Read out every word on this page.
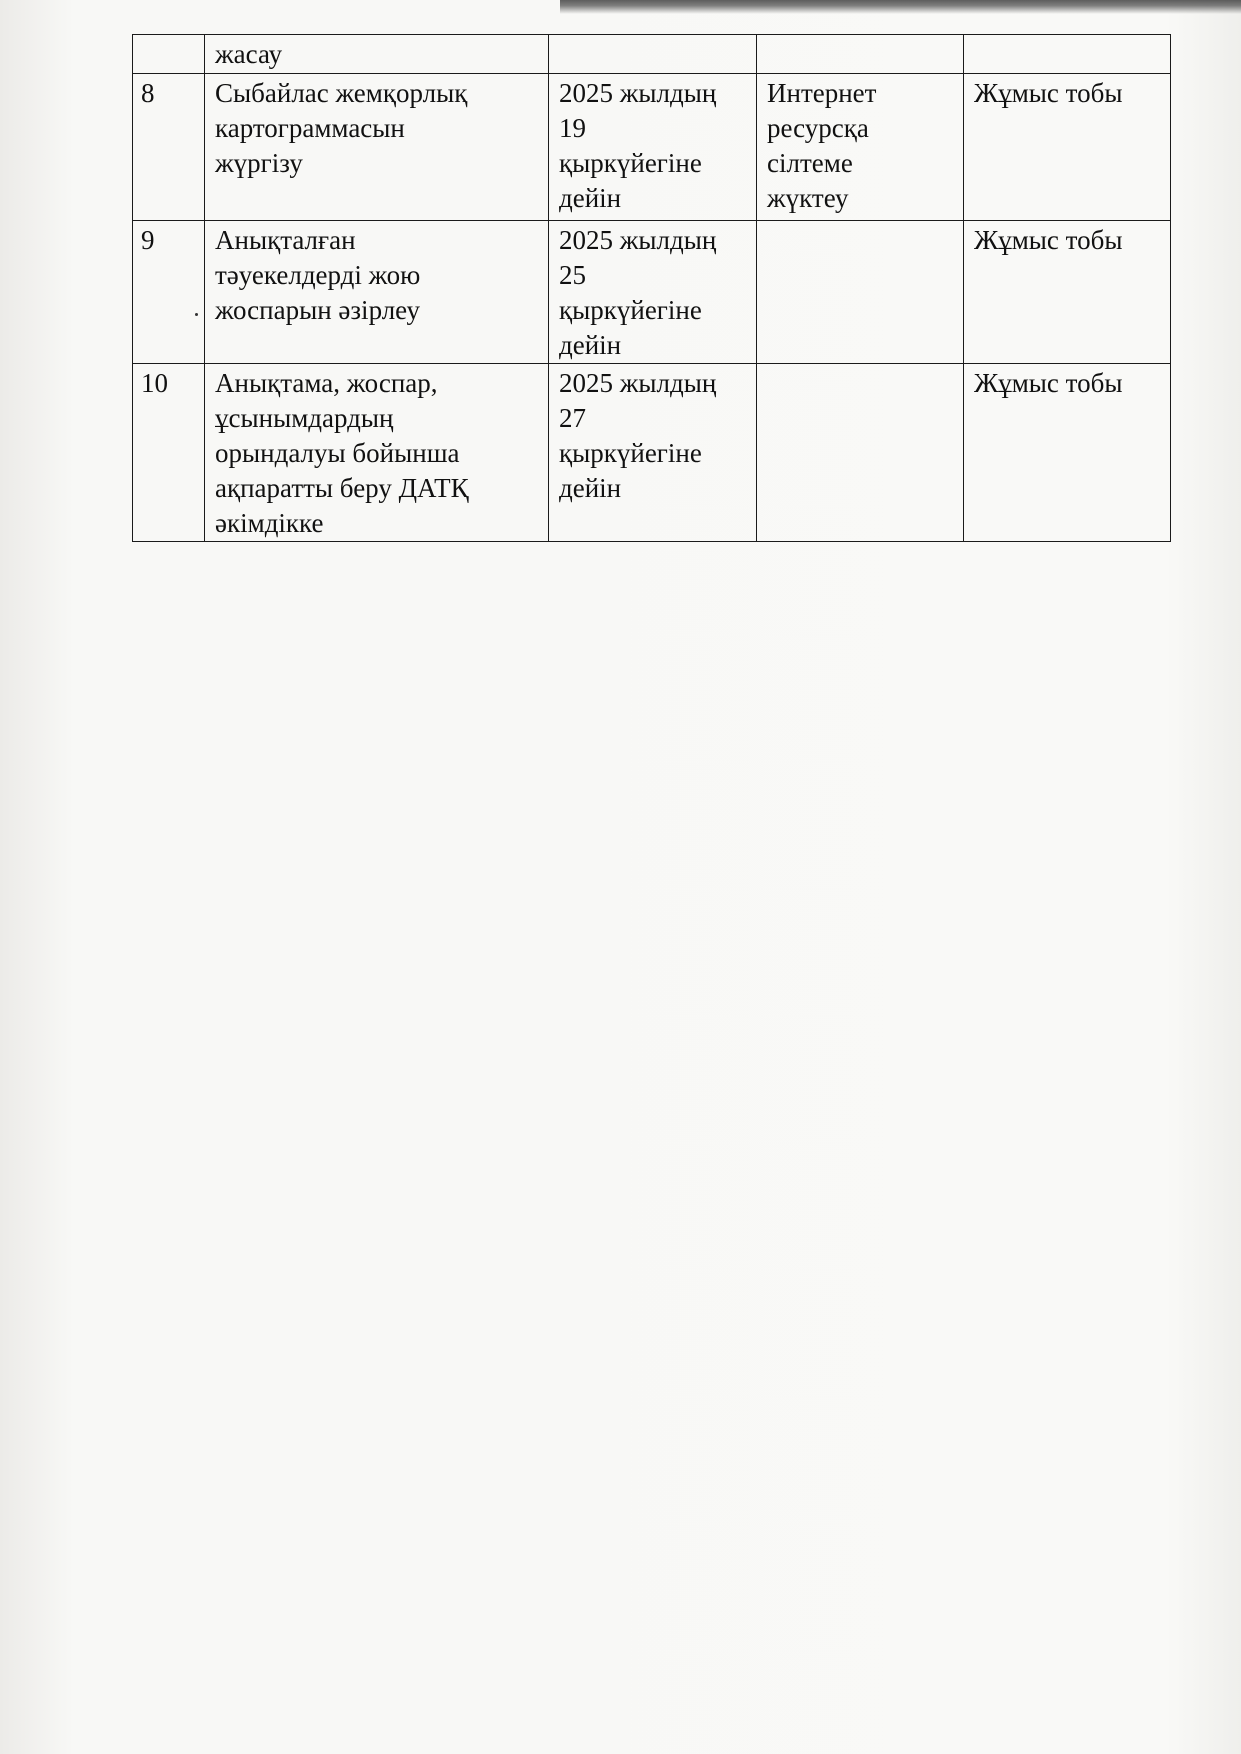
	жасау			

8	Сыбайлас жемқорлық
картограммасын
жүргізу	2025 жылдың
19
қыркүйегіне
дейін	Интернет
ресурсқа
сілтеме
жүктеу	Жұмыс тобы

9	Анықталған
тәуекелдерді жою
жоспарын әзірлеу	2025 жылдың
25
қыркүйегіне
дейін		Жұмыс тобы

10	Анықтама, жоспар,
ұсынымдардың
орындалуы бойынша
ақпаратты беру ДАТҚ
әкімдікке	2025 жылдың
27
қыркүйегіне
дейін		Жұмыс тобы
